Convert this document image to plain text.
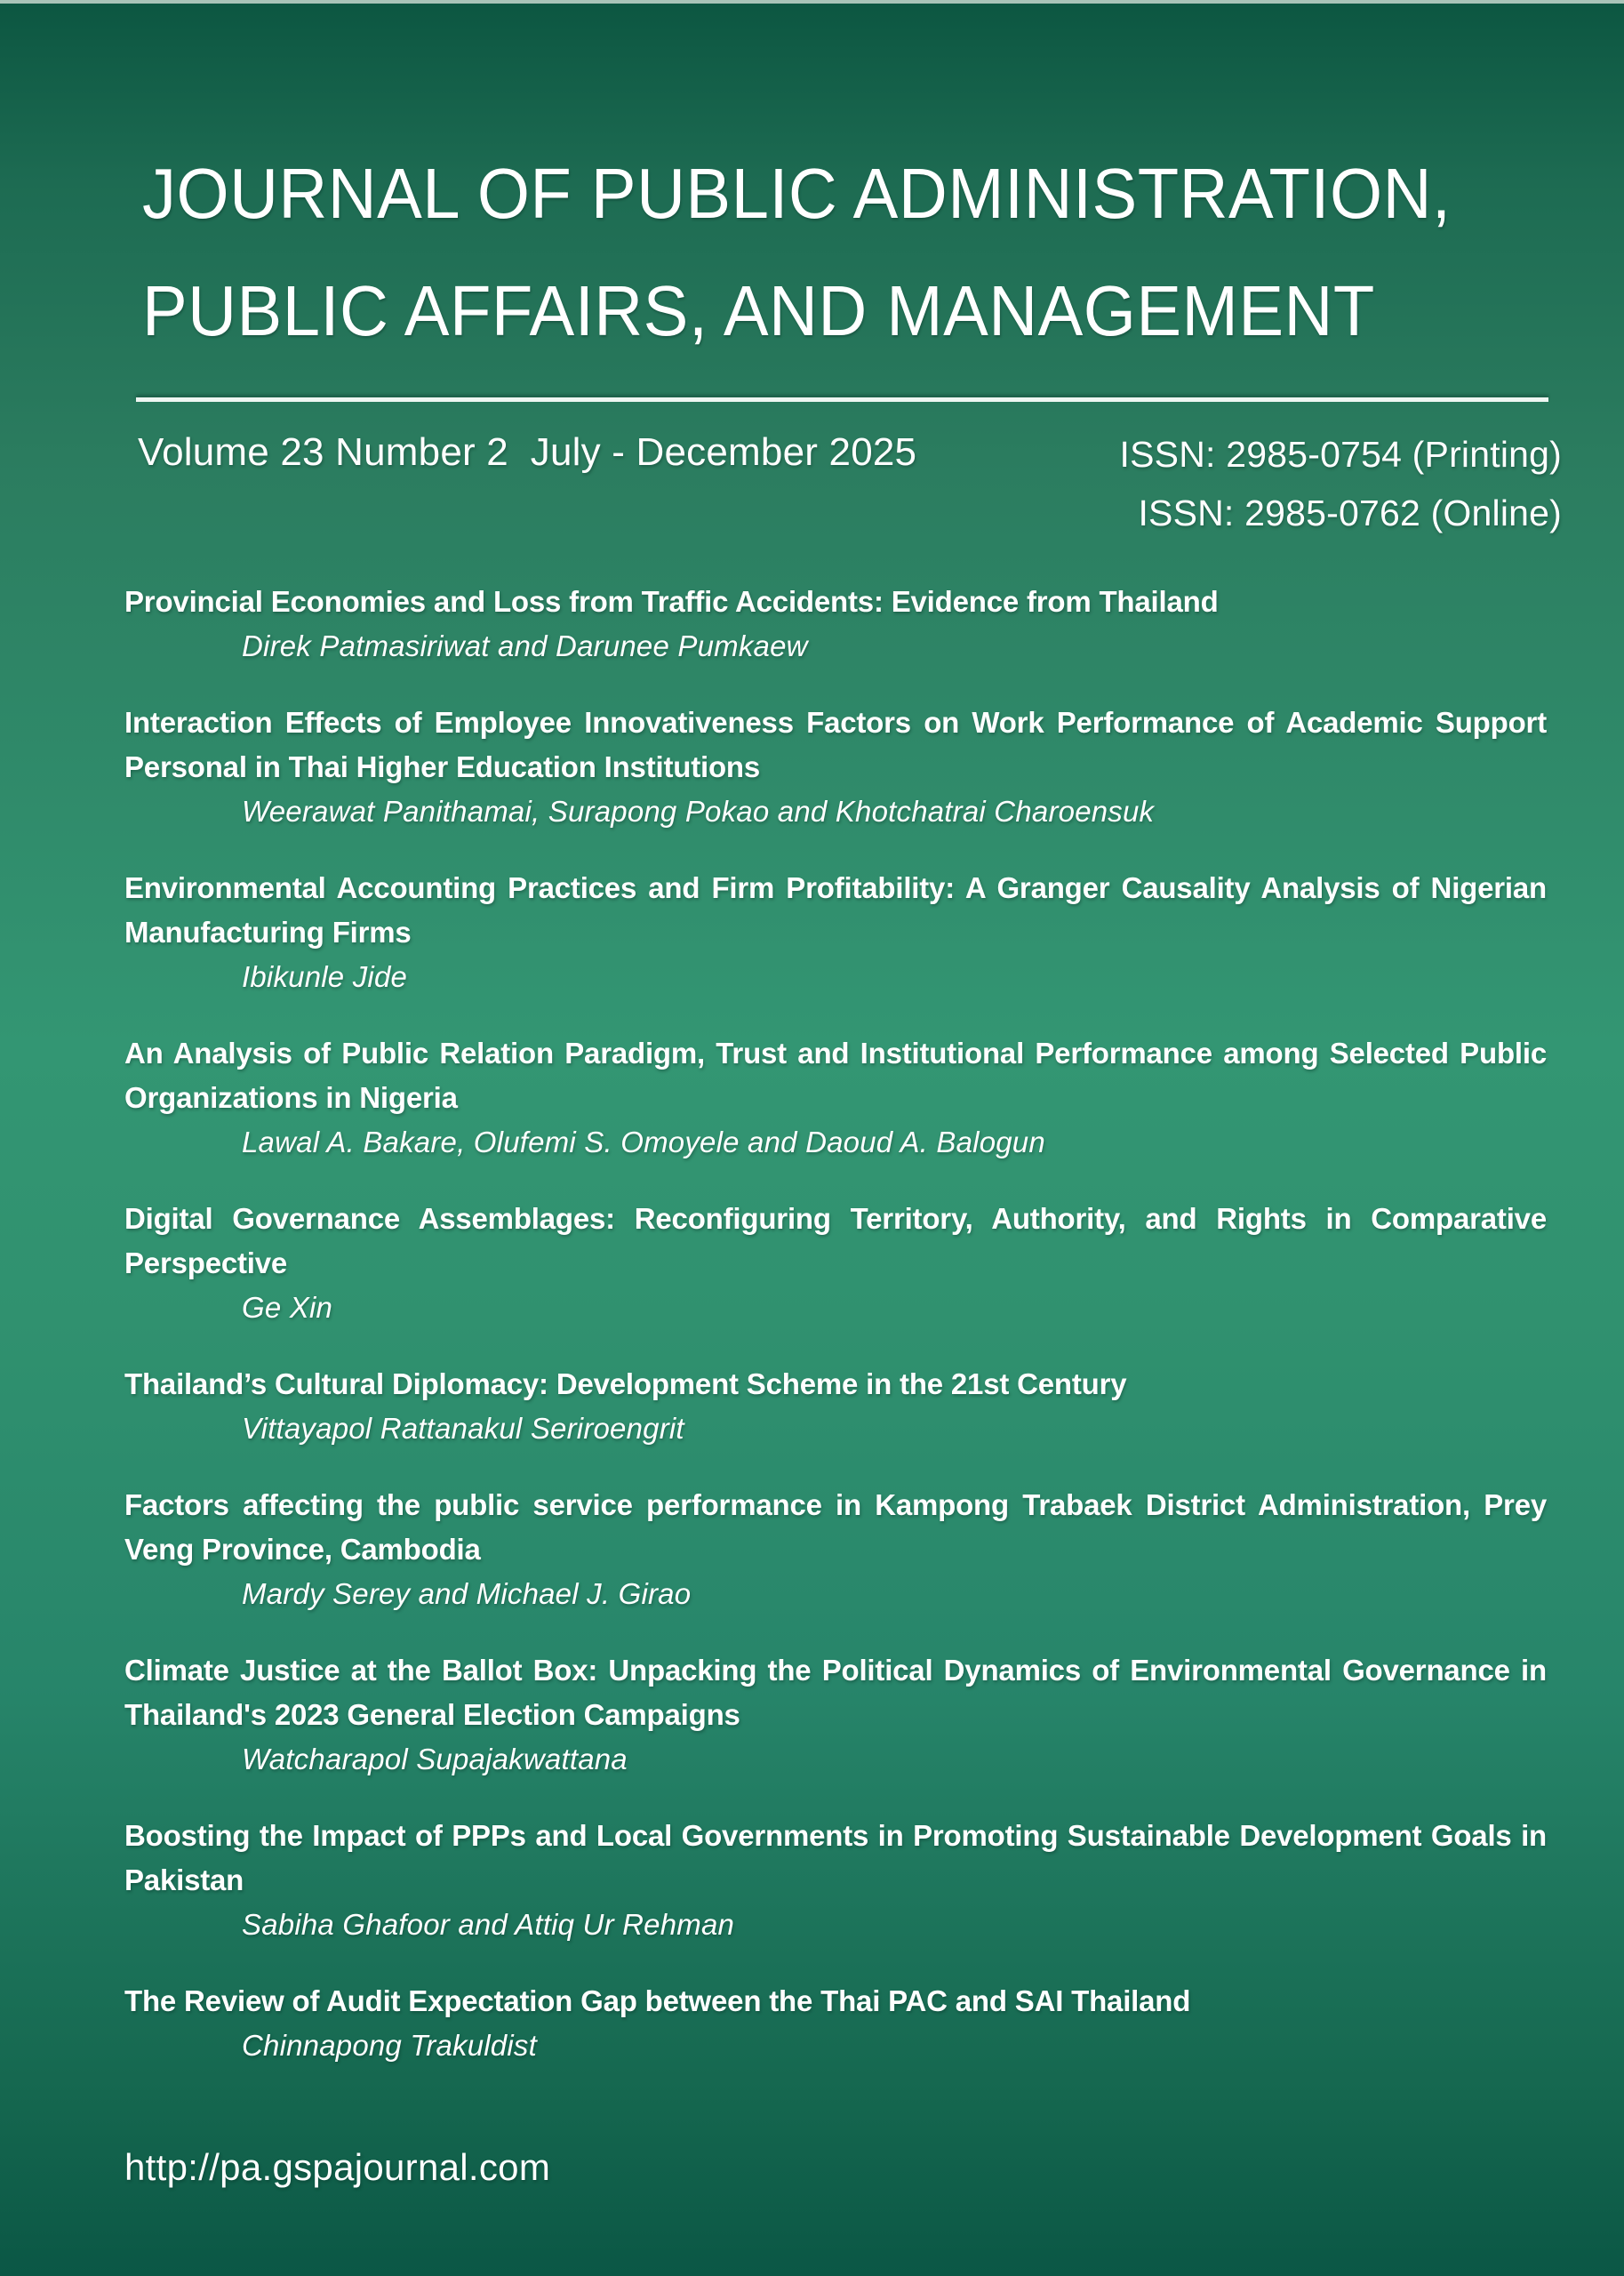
JOURNAL OF PUBLIC ADMINISTRATION,
PUBLIC AFFAIRS, AND MANAGEMENT
Volume 23 Number 2  July - December 2025	ISSN: 2985-0754 (Printing)
ISSN: 2985-0762 (Online)
Provincial Economies and Loss from Traffic Accidents: Evidence from Thailand
Direk Patmasiriwat and Darunee Pumkaew
Interaction Effects of Employee Innovativeness Factors on Work Performance of Academic Support Personal in Thai Higher Education Institutions
Weerawat Panithamai, Surapong Pokao and Khotchatrai Charoensuk
Environmental Accounting Practices and Firm Profitability: A Granger Causality Analysis of Nigerian Manufacturing Firms
Ibikunle Jide
An Analysis of Public Relation Paradigm, Trust and Institutional Performance among Selected Public Organizations in Nigeria
Lawal A. Bakare, Olufemi S. Omoyele and Daoud A. Balogun
Digital Governance Assemblages: Reconfiguring Territory, Authority, and Rights in Comparative Perspective
Ge Xin
Thailand’s Cultural Diplomacy: Development Scheme in the 21st Century
Vittayapol Rattanakul Seriroengrit
Factors affecting the public service performance in Kampong Trabaek District Administration, Prey Veng Province, Cambodia
Mardy Serey and Michael J. Girao
Climate Justice at the Ballot Box: Unpacking the Political Dynamics of Environmental Governance in Thailand's 2023 General Election Campaigns
Watcharapol Supajakwattana
Boosting the Impact of PPPs and Local Governments in Promoting Sustainable Development Goals in Pakistan
Sabiha Ghafoor and Attiq Ur Rehman
The Review of Audit Expectation Gap between the Thai PAC and SAI Thailand
Chinnapong Trakuldist
http://pa.gspajournal.com
